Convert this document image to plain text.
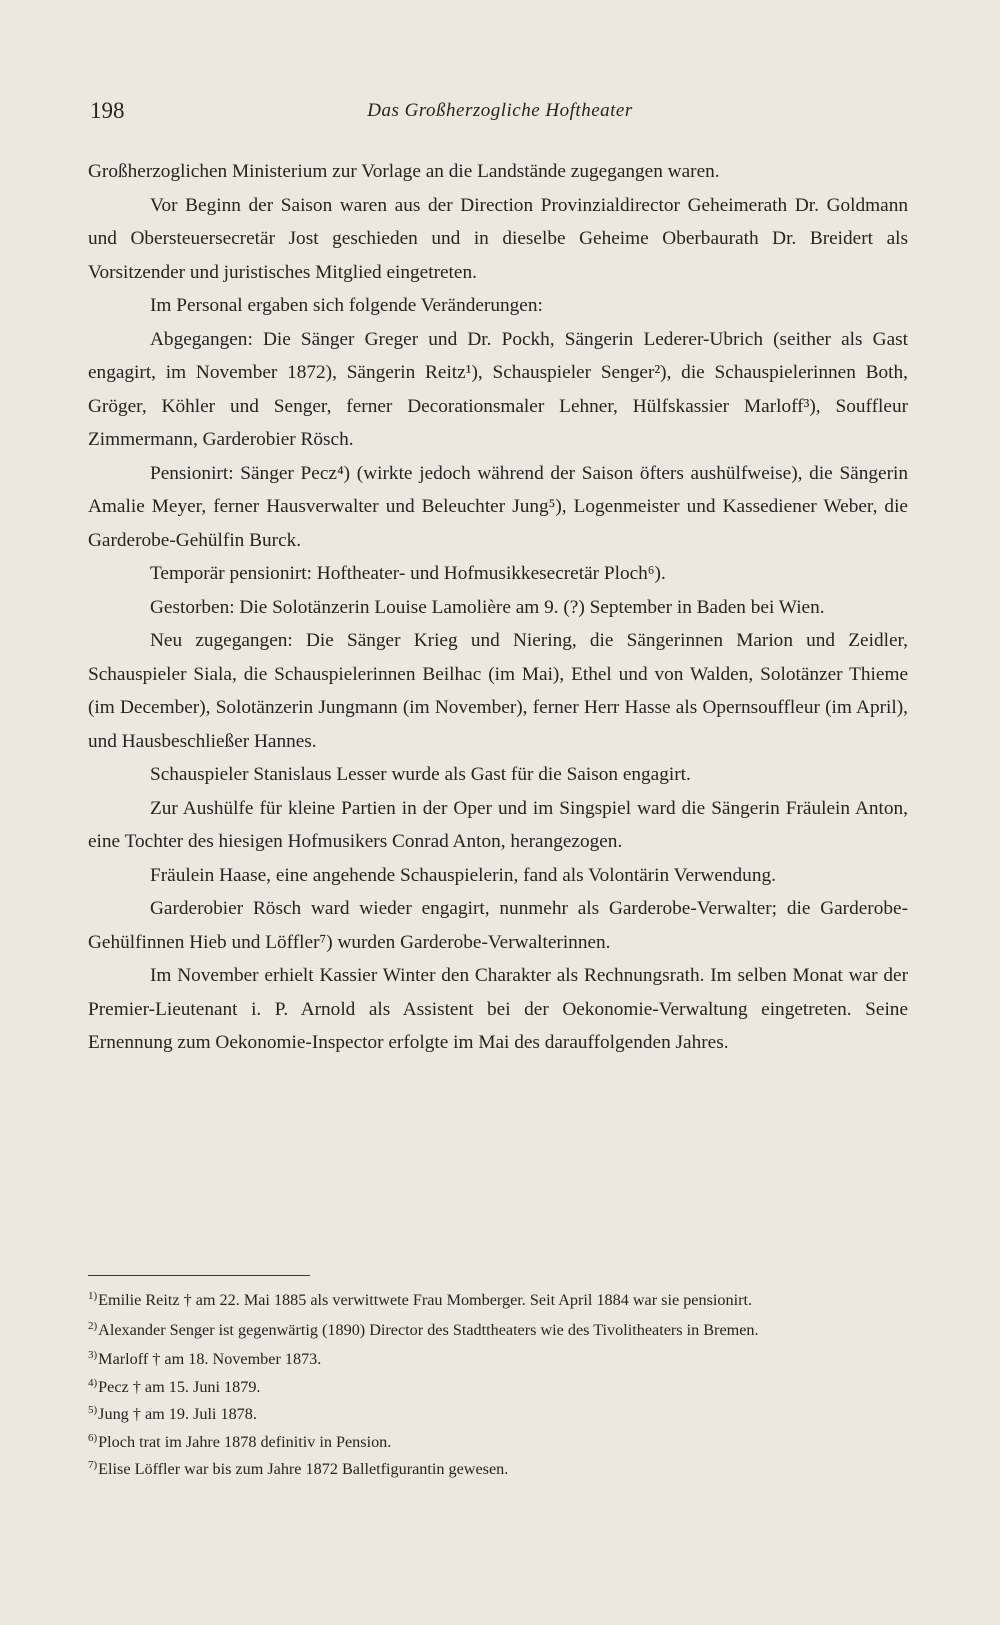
198	Das Großherzogliche Hoftheater

Großherzoglichen Ministerium zur Vorlage an die Landstände zugegangen waren.

Vor Beginn der Saison waren aus der Direction Provinzialdirector Geheimerath Dr. Goldmann und Obersteuersecretär Jost geschieden und in dieselbe Geheime Oberbaurath Dr. Breidert als Vorsitzender und juristisches Mitglied eingetreten.

Im Personal ergaben sich folgende Veränderungen:

Abgegangen: Die Sänger Greger und Dr. Pockh, Sängerin Lederer-Ubrich (seither als Gast engagirt, im November 1872), Sängerin Reitz¹), Schauspieler Senger²), die Schauspielerinnen Both, Gröger, Köhler und Senger, ferner Decorationsmaler Lehner, Hülfskassier Marloff³), Souffleur Zimmermann, Garderobier Rösch.

Pensionirt: Sänger Pecz⁴) (wirkte jedoch während der Saison öfters aushülfweise), die Sängerin Amalie Meyer, ferner Hausverwalter und Beleuchter Jung⁵), Logenmeister und Kassediener Weber, die Garderobe-Gehülfin Burck.

Temporär pensionirt: Hoftheater- und Hofmusikkesecretär Ploch⁶).

Gestorben: Die Solotänzerin Louise Lamolière am 9. (?) September in Baden bei Wien.

Neu zugegangen: Die Sänger Krieg und Niering, die Sängerinnen Marion und Zeidler, Schauspieler Siala, die Schauspielerinnen Beilhac (im Mai), Ethel und von Walden, Solotänzer Thieme (im December), Solotänzerin Jungmann (im November), ferner Herr Hasse als Opernsouffleur (im April), und Hausbeschließer Hannes.

Schauspieler Stanislaus Lesser wurde als Gast für die Saison engagirt.

Zur Aushülfe für kleine Partien in der Oper und im Singspiel ward die Sängerin Fräulein Anton, eine Tochter des hiesigen Hofmusikers Conrad Anton, herangezogen.

Fräulein Haase, eine angehende Schauspielerin, fand als Volontärin Verwendung.

Garderobier Rösch ward wieder engagirt, nunmehr als Garderobe-Verwalter; die Garderobe-Gehülfinnen Hieb und Löffler⁷) wurden Garderobe-Verwalterinnen.

Im November erhielt Kassier Winter den Charakter als Rechnungsrath. Im selben Monat war der Premier-Lieutenant i. P. Arnold als Assistent bei der Oekonomie-Verwaltung eingetreten. Seine Ernennung zum Oekonomie-Inspector erfolgte im Mai des darauffolgenden Jahres.

$^{1)}$Emilie Reitz † am 22. Mai 1885 als verwittwete Frau Momberger. Seit April 1884 war sie pensionirt.

$^{2)}$Alexander Senger ist gegenwärtig (1890) Director des Stadttheaters wie des Tivolitheaters in Bremen.

$^{3)}$Marloff † am 18. November 1873.

$^{4)}$Pecz † am 15. Juni 1879.

$^{5)}$Jung † am 19. Juli 1878.

$^{6)}$Ploch trat im Jahre 1878 definitiv in Pension.

$^{7)}$Elise Löffler war bis zum Jahre 1872 Balletfigurantin gewesen.
